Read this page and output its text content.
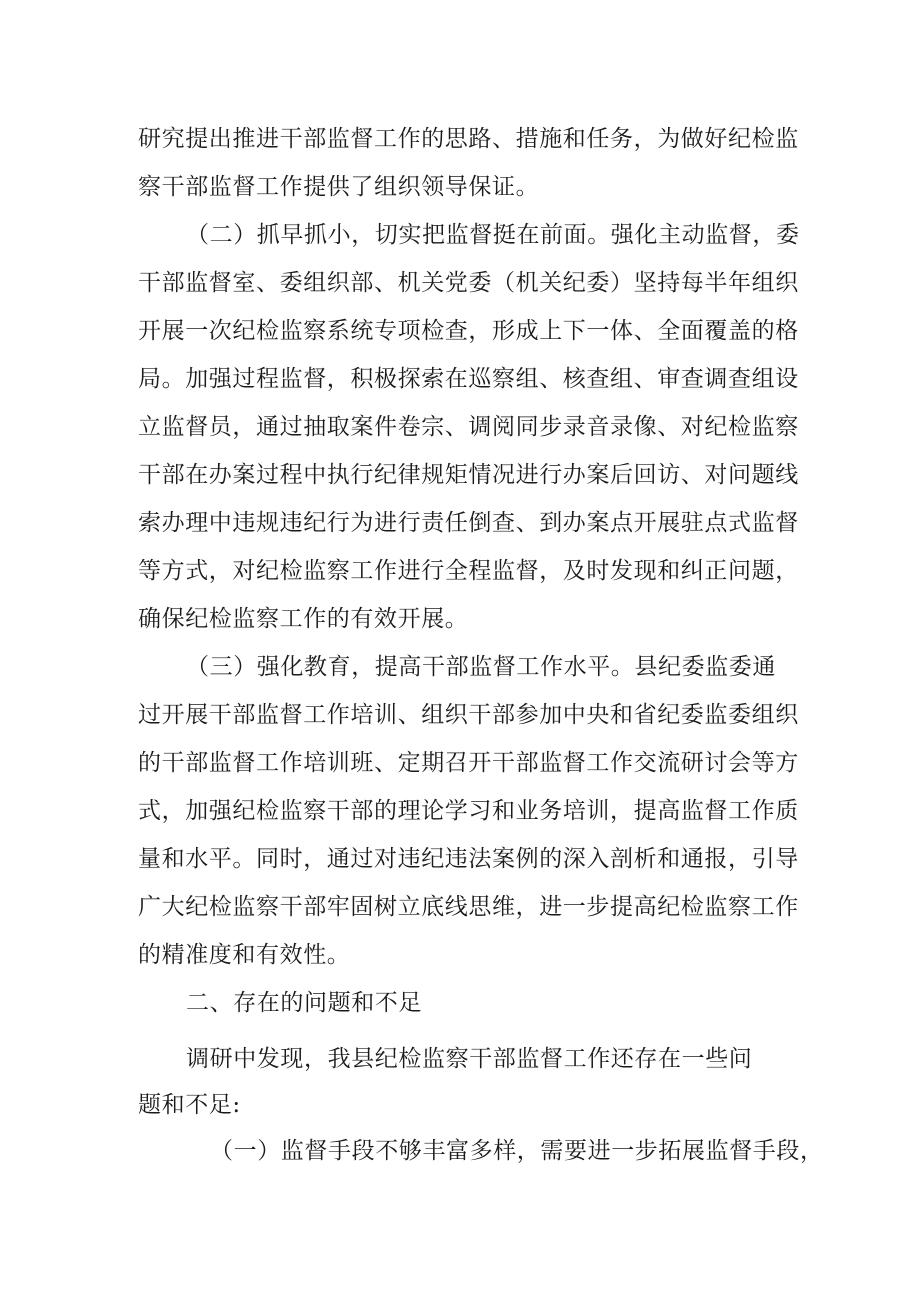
研究提出推进干部监督工作的思路、措施和任务，为做好纪检监
察干部监督工作提供了组织领导保证。
（二）抓早抓小，切实把监督挺在前面。强化主动监督，委
干部监督室、委组织部、机关党委（机关纪委）坚持每半年组织
开展一次纪检监察系统专项检查，形成上下一体、全面覆盖的格
局。加强过程监督，积极探索在巡察组、核查组、审查调查组设
立监督员，通过抽取案件卷宗、调阅同步录音录像、对纪检监察
干部在办案过程中执行纪律规矩情况进行办案后回访、对问题线
索办理中违规违纪行为进行责任倒查、到办案点开展驻点式监督
等方式，对纪检监察工作进行全程监督，及时发现和纠正问题，
确保纪检监察工作的有效开展。
（三）强化教育，提高干部监督工作水平。县纪委监委通
过开展干部监督工作培训、组织干部参加中央和省纪委监委组织
的干部监督工作培训班、定期召开干部监督工作交流研讨会等方
式，加强纪检监察干部的理论学习和业务培训，提高监督工作质
量和水平。同时，通过对违纪违法案例的深入剖析和通报，引导
广大纪检监察干部牢固树立底线思维，进一步提高纪检监察工作
的精准度和有效性。
二、存在的问题和不足
调研中发现，我县纪检监察干部监督工作还存在一些问
题和不足:
（一）监督手段不够丰富多样，需要进一步拓展监督手段，
